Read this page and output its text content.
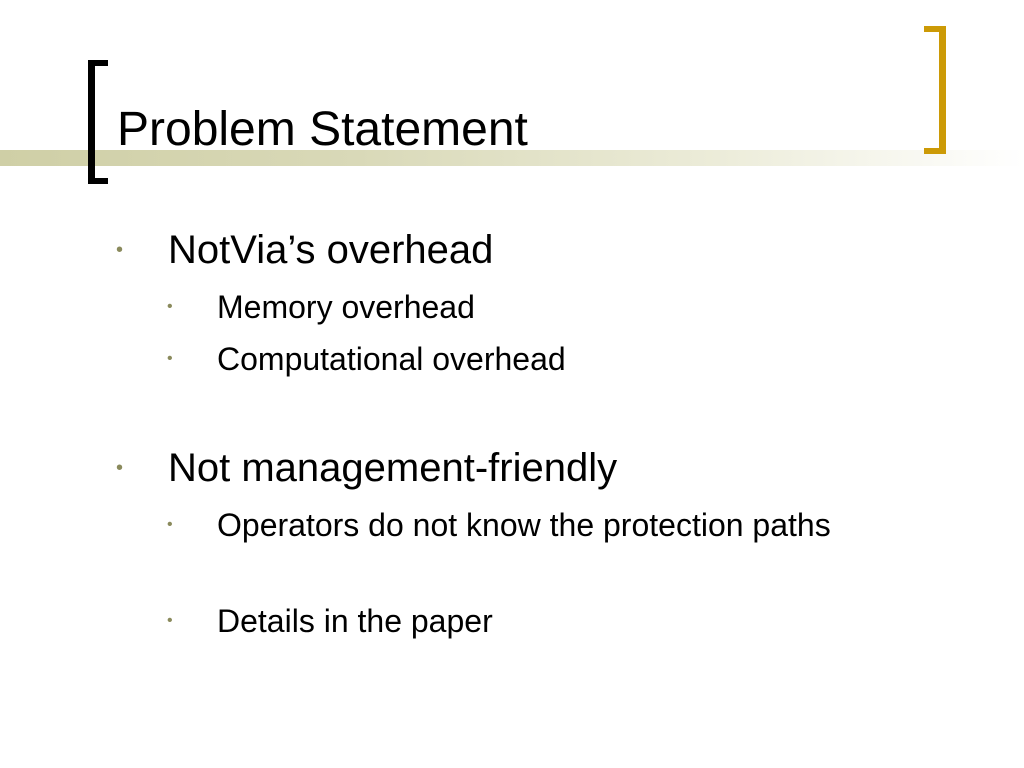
Problem Statement
• NotVia’s overhead
• Memory overhead
• Computational overhead
• Not management-friendly
• Operators do not know the protection paths
• Details in the paper
